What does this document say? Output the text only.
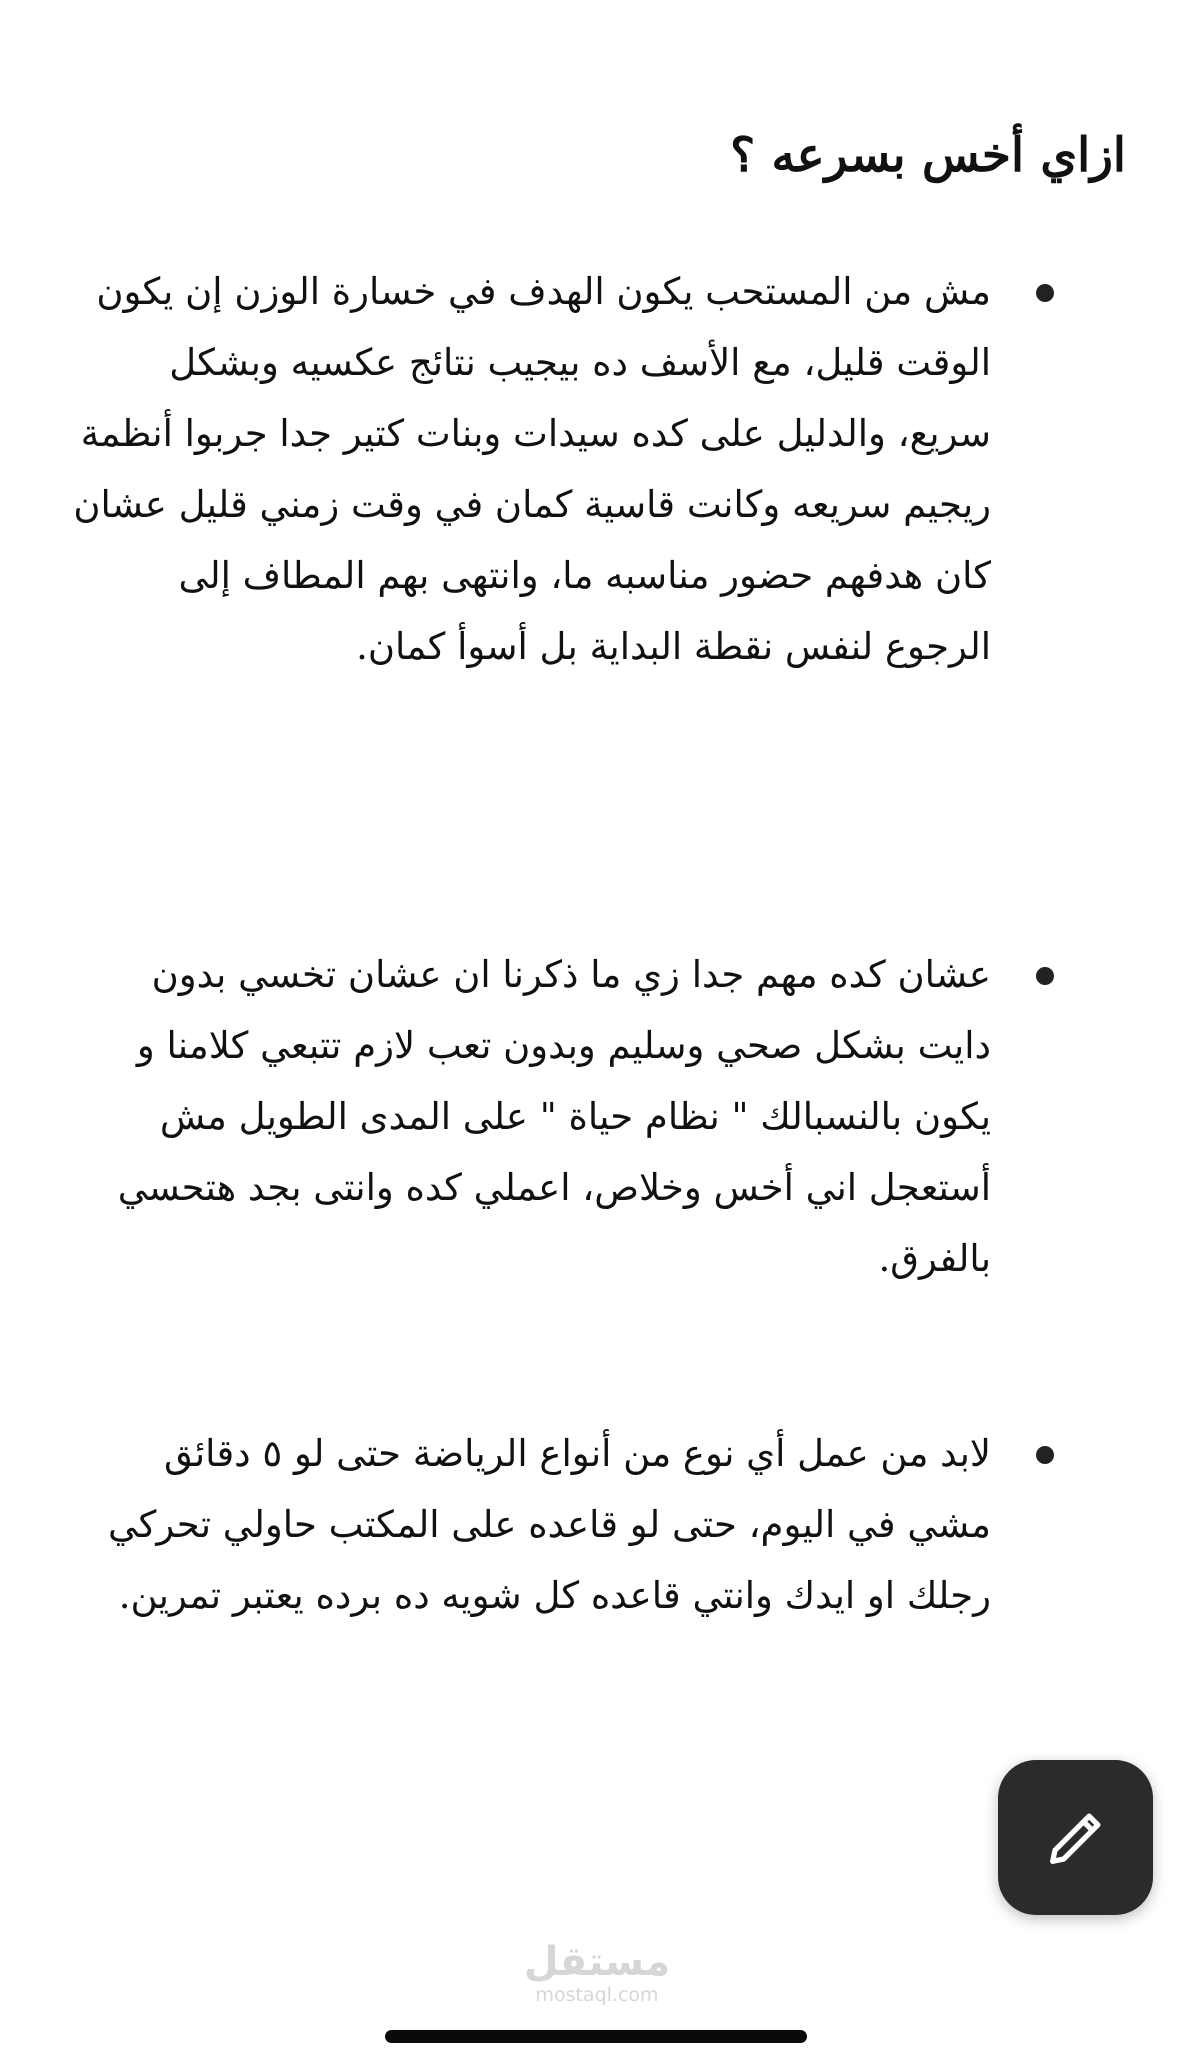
ازاي أخس بسرعه ؟
مش من المستحب يكون الهدف في خسارة الوزن إن يكون الوقت قليل، مع الأسف ده بيجيب نتائج عكسيه وبشكل سريع، والدليل على كده سيدات وبنات كتير جدا جربوا أنظمة ريجيم سريعه وكانت قاسية كمان في وقت زمني قليل عشان كان هدفهم حضور مناسبه ما، وانتهى بهم المطاف إلى الرجوع لنفس نقطة البداية بل أسوأ كمان.
عشان كده مهم جدا زي ما ذكرنا ان عشان تخسي بدون دايت بشكل صحي وسليم وبدون تعب لازم تتبعي كلامنا و يكون بالنسبالك " نظام حياة " على المدى الطويل مش أستعجل اني أخس وخلاص، اعملي كده وانتى بجد هتحسي بالفرق.
لابد من عمل أي نوع من أنواع الرياضة حتى لو ٥ دقائق مشي في اليوم، حتى لو قاعده على المكتب حاولي تحركي رجلك او ايدك وانتي قاعده كل شويه ده برده يعتبر تمرين.
مستقل
mostaql.com
